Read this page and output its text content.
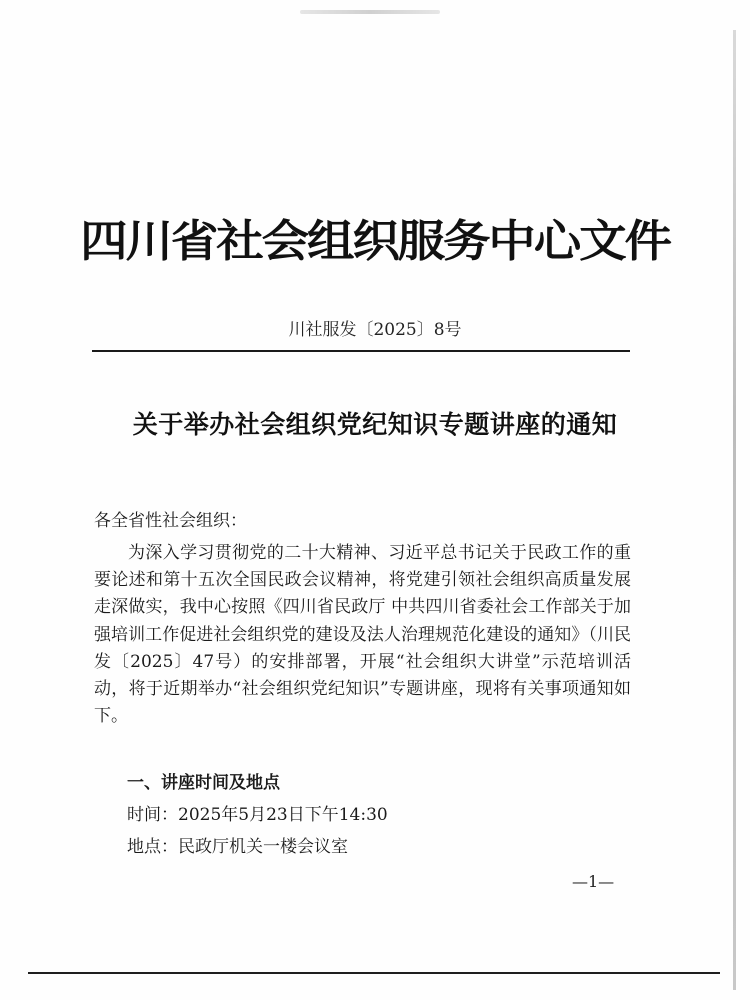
四川省社会组织服务中心文件
川社服发〔2025〕8号
关于举办社会组织党纪知识专题讲座的通知
各全省性社会组织：

为深入学习贯彻党的二十大精神、习近平总书记关于民政工作的重要论述和第十五次全国民政会议精神，将党建引领社会组织高质量发展走深做实，我中心按照《四川省民政厅 中共四川省委社会工作部关于加强培训工作促进社会组织党的建设及法人治理规范化建设的通知》（川民发〔2025〕47号）的安排部署，开展“社会组织大讲堂”示范培训活动，将于近期举办“社会组织党纪知识”专题讲座，现将有关事项通知如下。

一、讲座时间及地点
时间：2025年5月23日下午14:30
地点：民政厅机关一楼会议室
—1—
